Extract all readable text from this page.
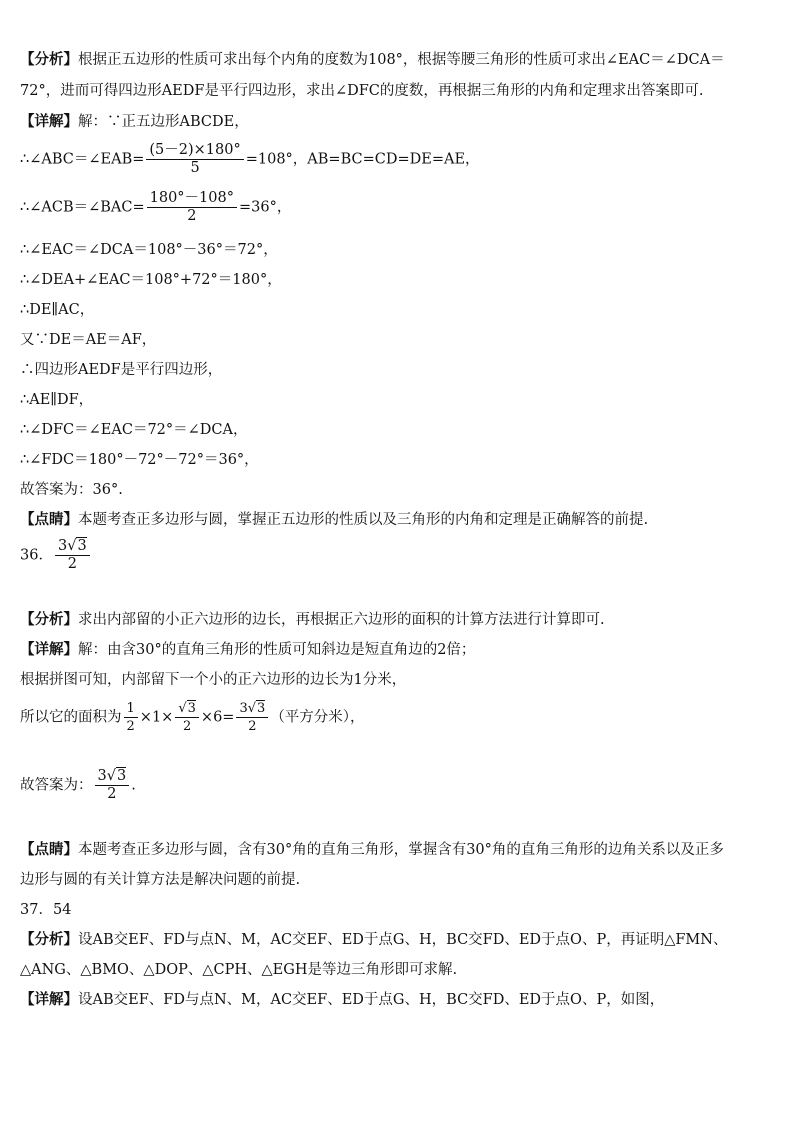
【分析】根据正五边形的性质可求出每个内角的度数为108°，根据等腰三角形的性质可求出∠EAC＝∠DCA＝
72°，进而可得四边形AEDF是平行四边形，求出∠DFC的度数，再根据三角形的内角和定理求出答案即可.
【详解】解：∵正五边形ABCDE，
∴∠ABC＝∠EAB= $\frac{(5-2)\times 180^\circ}{5} =108^\circ$，AB=BC=CD=DE=AE，
∴∠ACB＝∠BAC= $\frac{180^\circ-108^\circ}{2} =36^\circ$，
∴∠EAC＝∠DCA＝108°－36°＝72°，
∴∠DEA+∠EAC＝108°+72°＝180°，
∴DE∥AC，
又∵DE＝AE＝AF，
∴四边形AEDF是平行四边形，
∴AE∥DF，
∴∠DFC＝∠EAC＝72°＝∠DCA，
∴∠FDC＝180°－72°－72°＝36°，
故答案为：36°.
【点睛】本题考查正多边形与圆，掌握正五边形的性质以及三角形的内角和定理是正确解答的前提.
36． $\frac{3√3}{2}$
【分析】求出内部留的小正六边形的边长，再根据正六边形的面积的计算方法进行计算即可.
【详解】解：由含30°的直角三角形的性质可知斜边是短直角边的2倍；
根据拼图可知，内部留下一个小的正六边形的边长为1分米，
所以它的面积为 $\frac{1}{2} \times 1\times \frac{√3}{2} \times 6= \frac{3√3}{2}$ （平方分米），
故答案为： $\frac{3√3}{2}$ .
【点睛】本题考查正多边形与圆，含有30°角的直角三角形，掌握含有30°角的直角三角形的边角关系以及正多
边形与圆的有关计算方法是解决问题的前提.
37．54
【分析】设AB交EF、FD与点N、M，AC交EF、ED于点G、H，BC交FD、ED于点O、P，再证明△FMN、
△ANG、△BMO、△DOP、△CPH、△EGH是等边三角形即可求解.
【详解】设AB交EF、FD与点N、M，AC交EF、ED于点G、H，BC交FD、ED于点O、P，如图，
